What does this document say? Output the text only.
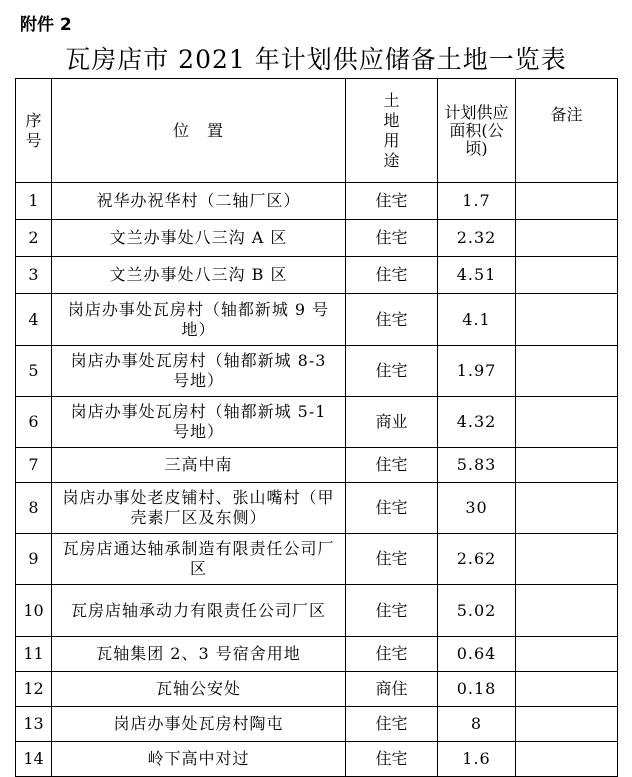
附件 2
瓦房店市 2021 年计划供应储备土地一览表
序号	位　置	土地用途	计划供应面积(公顷)	备注
1	祝华办祝华村（二轴厂区）	住宅	1.7	
2	文兰办事处八三沟 A 区	住宅	2.32	
3	文兰办事处八三沟 B 区	住宅	4.51	
4	岗店办事处瓦房村（轴都新城 9 号地）	住宅	4.1	
5	岗店办事处瓦房村（轴都新城 8-3 号地）	住宅	1.97	
6	岗店办事处瓦房村（轴都新城 5-1 号地）	商业	4.32	
7	三高中南	住宅	5.83	
8	岗店办事处老皮铺村、张山嘴村（甲壳素厂区及东侧）	住宅	30	
9	瓦房店通达轴承制造有限责任公司厂区	住宅	2.62	
10	瓦房店轴承动力有限责任公司厂区	住宅	5.02	
11	瓦轴集团 2、3 号宿舍用地	住宅	0.64	
12	瓦轴公安处	商住	0.18	
13	岗店办事处瓦房村陶屯	住宅	8	
14	岭下高中对过	住宅	1.6	
